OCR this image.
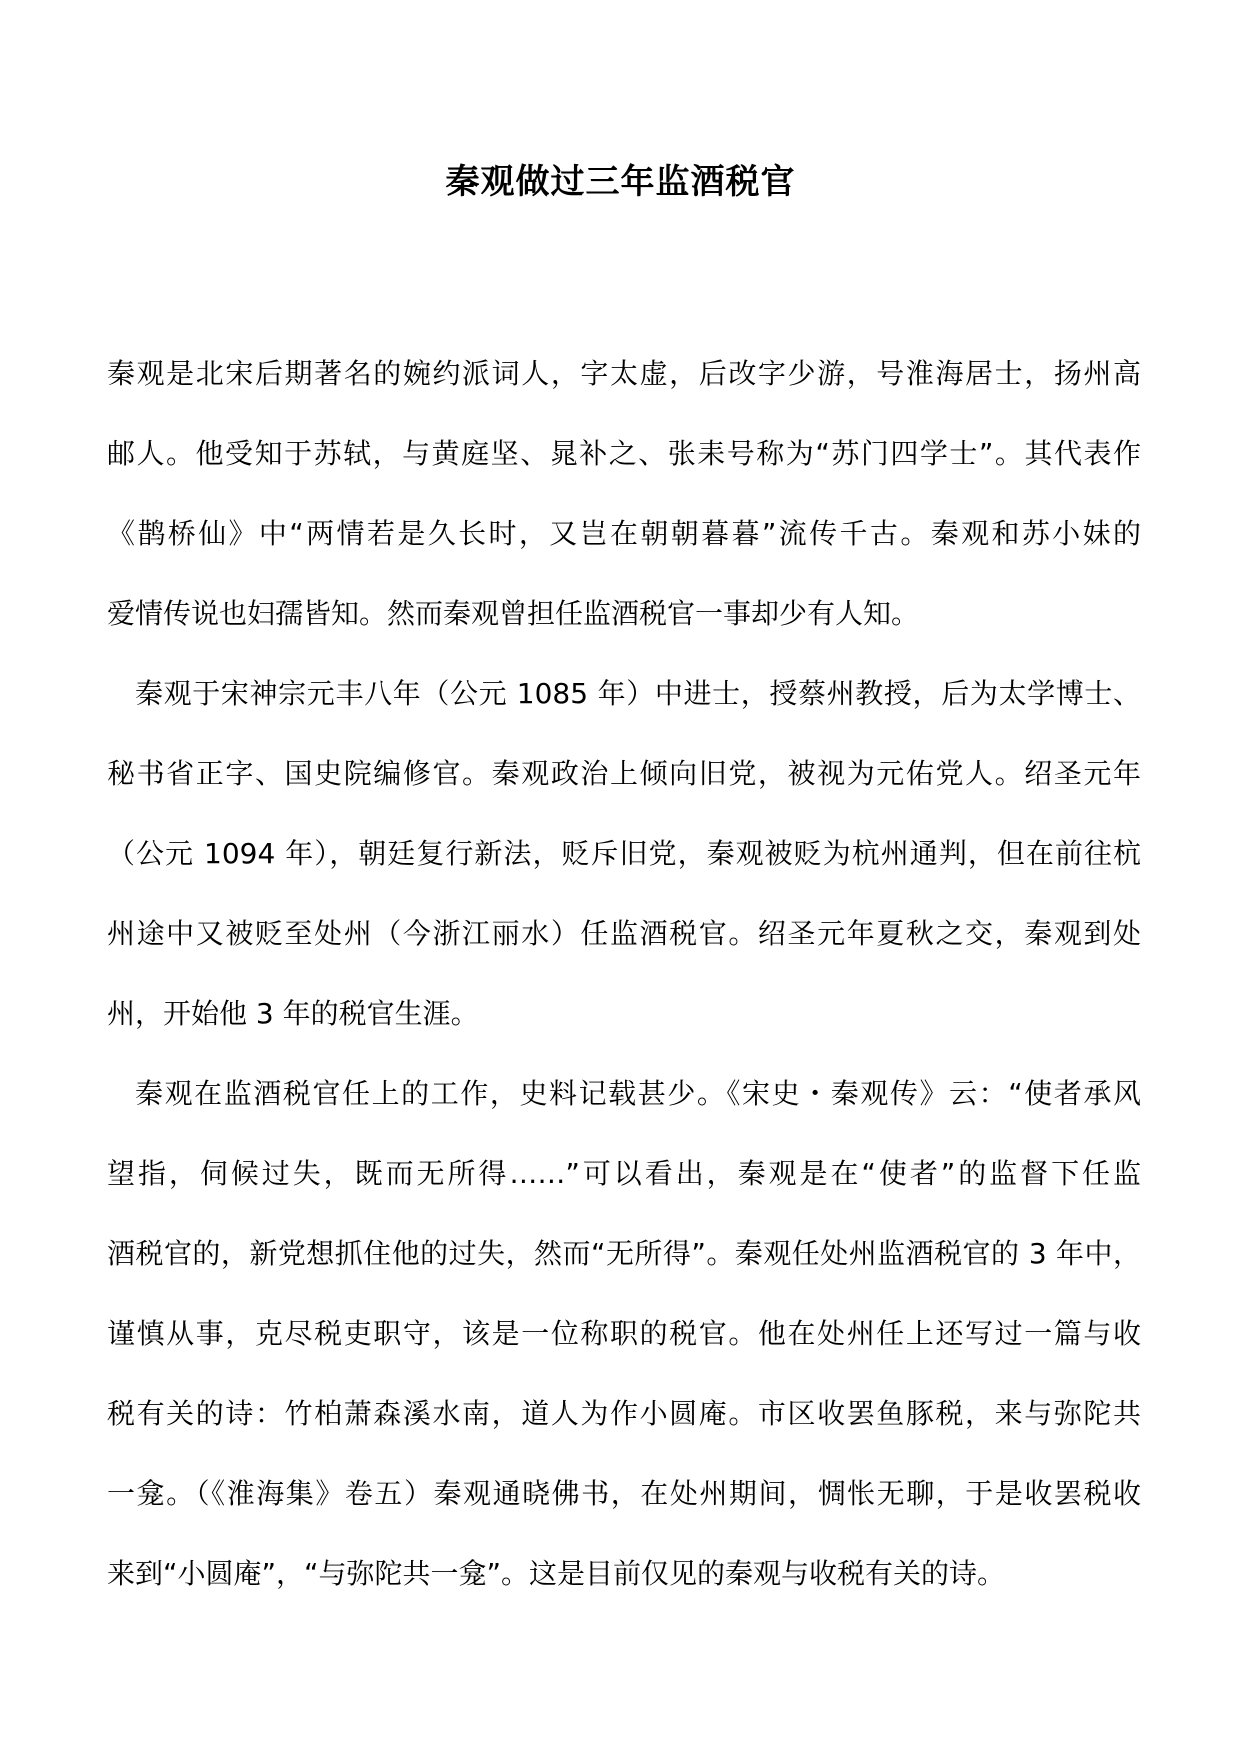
秦观做过三年监酒税官

秦观是北宋后期著名的婉约派词人，字太虚，后改字少游，号淮海居士，扬州高
邮人。他受知于苏轼，与黄庭坚、晁补之、张耒号称为“苏门四学士”。其代表作
《鹊桥仙》中“两情若是久长时，又岂在朝朝暮暮”流传千古。秦观和苏小妹的
爱情传说也妇孺皆知。然而秦观曾担任监酒税官一事却少有人知。

秦观于宋神宗元丰八年（公元 1085 年）中进士，授蔡州教授，后为太学博士、
秘书省正字、国史院编修官。秦观政治上倾向旧党，被视为元佑党人。绍圣元年
（公元 1094 年），朝廷复行新法，贬斥旧党，秦观被贬为杭州通判，但在前往杭
州途中又被贬至处州（今浙江丽水）任监酒税官。绍圣元年夏秋之交，秦观到处
州，开始他 3 年的税官生涯。

秦观在监酒税官任上的工作，史料记载甚少。《宋史・秦观传》云：“使者承风
望指，伺候过失，既而无所得……”可以看出，秦观是在“使者”的监督下任监
酒税官的，新党想抓住他的过失，然而“无所得”。秦观任处州监酒税官的 3 年中，
谨慎从事，克尽税吏职守，该是一位称职的税官。他在处州任上还写过一篇与收
税有关的诗：竹柏萧森溪水南，道人为作小圆庵。市区收罢鱼豚税，来与弥陀共
一龛。（《淮海集》卷五）秦观通晓佛书，在处州期间，惆怅无聊，于是收罢税收
来到“小圆庵”，“与弥陀共一龛”。这是目前仅见的秦观与收税有关的诗。
